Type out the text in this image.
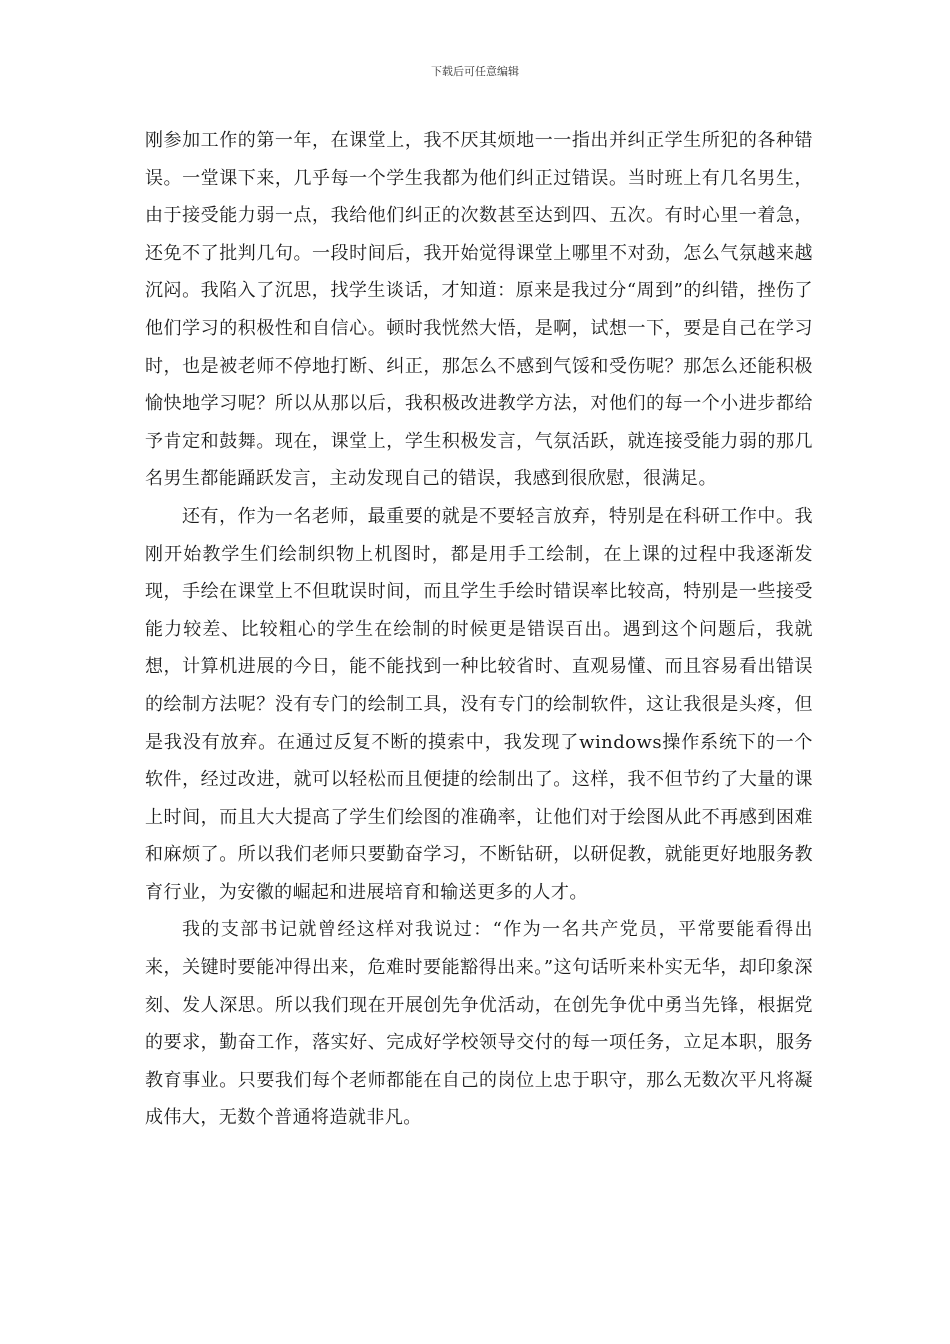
下载后可任意编辑

刚参加工作的第一年，在课堂上，我不厌其烦地一一指出并纠正学生所犯的各种错误。一堂课下来，几乎每一个学生我都为他们纠正过错误。当时班上有几名男生，由于接受能力弱一点，我给他们纠正的次数甚至达到四、五次。有时心里一着急，还免不了批判几句。一段时间后，我开始觉得课堂上哪里不对劲，怎么气氛越来越沉闷。我陷入了沉思，找学生谈话，才知道：原来是我过分“周到”的纠错，挫伤了他们学习的积极性和自信心。顿时我恍然大悟，是啊，试想一下，要是自己在学习时，也是被老师不停地打断、纠正，那怎么不感到气馁和受伤呢？那怎么还能积极愉快地学习呢？所以从那以后，我积极改进教学方法，对他们的每一个小进步都给予肯定和鼓舞。现在，课堂上，学生积极发言，气氛活跃，就连接受能力弱的那几名男生都能踊跃发言，主动发现自己的错误，我感到很欣慰，很满足。

还有，作为一名老师，最重要的就是不要轻言放弃，特别是在科研工作中。我刚开始教学生们绘制织物上机图时，都是用手工绘制，在上课的过程中我逐渐发现，手绘在课堂上不但耽误时间，而且学生手绘时错误率比较高，特别是一些接受能力较差、比较粗心的学生在绘制的时候更是错误百出。遇到这个问题后，我就想，计算机进展的今日，能不能找到一种比较省时、直观易懂、而且容易看出错误的绘制方法呢？没有专门的绘制工具，没有专门的绘制软件，这让我很是头疼，但是我没有放弃。在通过反复不断的摸索中，我发现了windows操作系统下的一个软件，经过改进，就可以轻松而且便捷的绘制出了。这样，我不但节约了大量的课上时间，而且大大提高了学生们绘图的准确率，让他们对于绘图从此不再感到困难和麻烦了。所以我们老师只要勤奋学习，不断钻研，以研促教，就能更好地服务教育行业，为安徽的崛起和进展培育和输送更多的人才。

我的支部书记就曾经这样对我说过：“作为一名共产党员，平常要能看得出来，关键时要能冲得出来，危难时要能豁得出来。”这句话听来朴实无华，却印象深刻、发人深思。所以我们现在开展创先争优活动，在创先争优中勇当先锋，根据党的要求，勤奋工作，落实好、完成好学校领导交付的每一项任务，立足本职，服务教育事业。只要我们每个老师都能在自己的岗位上忠于职守，那么无数次平凡将凝成伟大，无数个普通将造就非凡。
